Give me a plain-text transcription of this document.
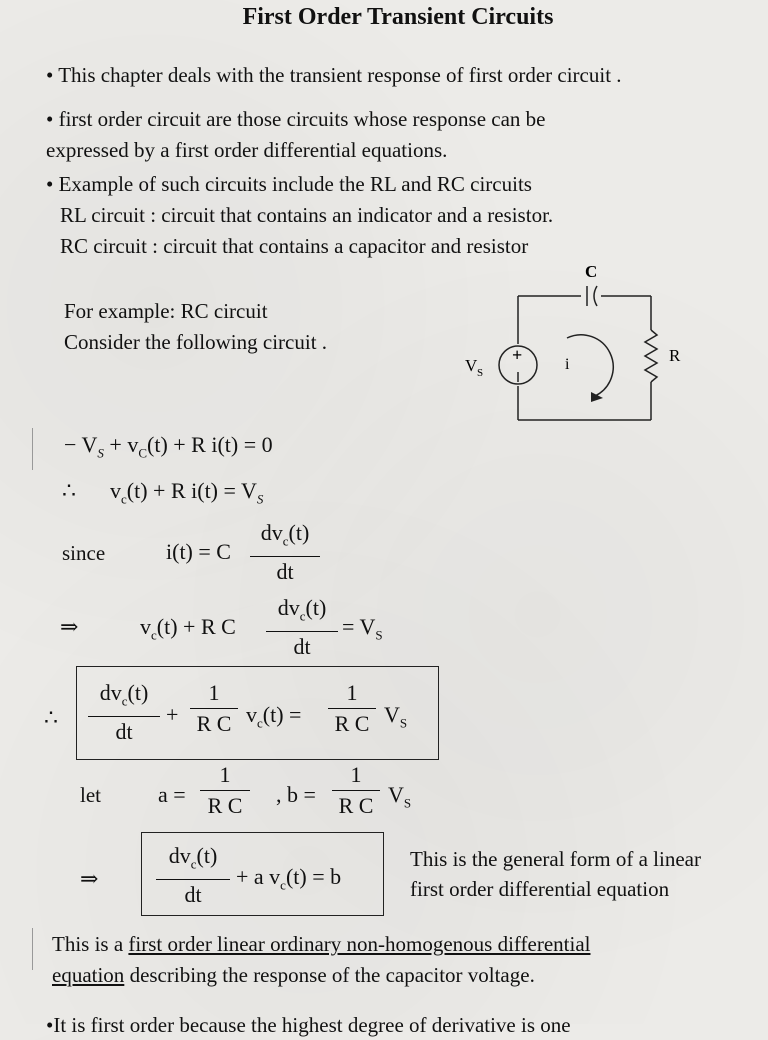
First Order Transient Circuits
• This chapter deals with the transient response of first order circuit .
• first order circuit are those circuits whose response can be
expressed by a first order differential equations.
• Example of such circuits include the RL and RC circuits
RL circuit : circuit that contains an indicator and a resistor.
RC circuit : circuit that contains a capacitor and resistor
For example: RC circuit
Consider the following circuit .
C
R
+
V S	i
− $V_S + v_C(t) + R$ i(t) = 0
∴ $v_c(t) + R$ $i(t) = V_S$
since	i(t) = C
$dv_c(t)$
dt
⇒	$v_c(t) + R$ C
$dv_c(t)$
dt
= $V_S$
∴
$dv_c(t)$
dt
+
1
R C $v_c(t)$ =
1
R C $V_S$
let	a =
1
R C	, b =
1
R C $V_S$
⇒
$dv_c(t)$
dt
+ a $v_c(t) = b$
This is the general form of a linear
first order differential equation
This is a first order linear ordinary non-homogenous differential
equation describing the response of the capacitor voltage.
•It is first order because the highest degree of derivative is one
